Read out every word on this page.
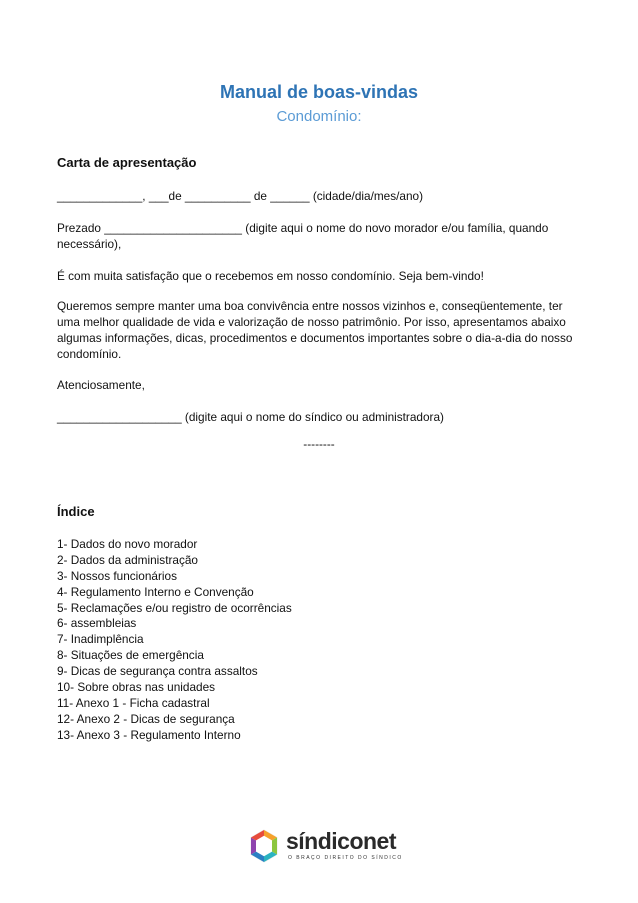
Manual de boas-vindas
Condomínio:

Carta de apresentação

_____________, ___de __________ de ______ (cidade/dia/mes/ano)

Prezado _____________________ (digite aqui o nome do novo morador e/ou família, quando necessário),

É com muita satisfação que o recebemos em nosso condomínio. Seja bem-vindo!

Queremos sempre manter uma boa convivência entre nossos vizinhos e, conseqüentemente, ter uma melhor qualidade de vida e valorização de nosso patrimônio. Por isso, apresentamos abaixo algumas informações, dicas, procedimentos e documentos importantes sobre o dia-a-dia do nosso condomínio.

Atenciosamente,

___________________ (digite aqui o nome do síndico ou administradora)

--------

Índice

1- Dados do novo morador
2- Dados da administração
3- Nossos funcionários
4- Regulamento Interno e Convenção
5- Reclamações e/ou registro de ocorrências
6- assembleias
7- Inadimplência
8- Situações de emergência
9- Dicas de segurança contra assaltos
10- Sobre obras nas unidades
11- Anexo 1 - Ficha cadastral
12- Anexo 2 - Dicas de segurança
13- Anexo 3 - Regulamento Interno
síndiconet
O BRAÇO DIREITO DO SÍNDICO
